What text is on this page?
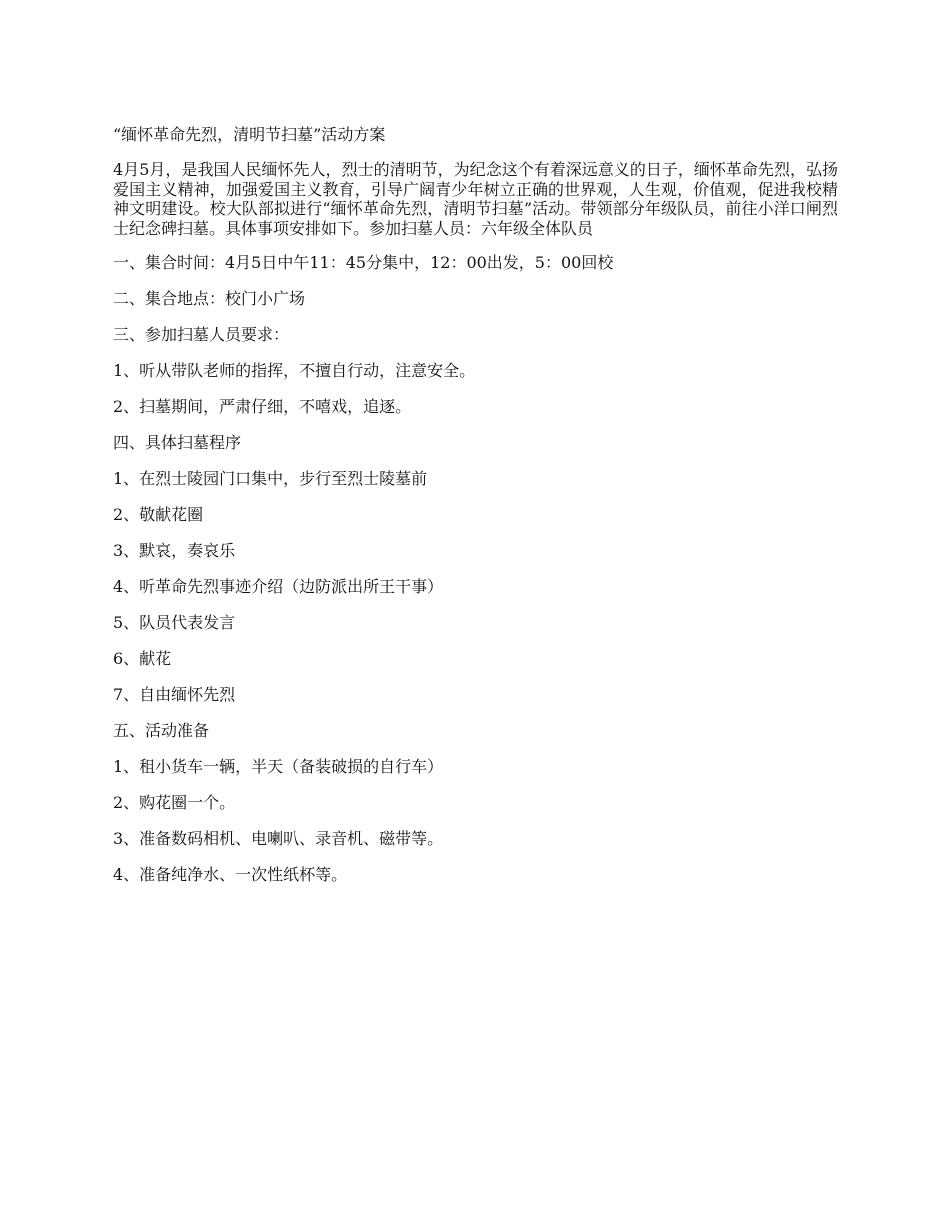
“缅怀革命先烈，清明节扫墓”活动方案

4月5月，是我国人民缅怀先人，烈士的清明节，为纪念这个有着深远意义的日子，缅怀革命先烈，弘扬爱国主义精神，加强爱国主义教育，引导广阔青少年树立正确的世界观，人生观，价值观，促进我校精神文明建设。校大队部拟进行“缅怀革命先烈，清明节扫墓”活动。带领部分年级队员，前往小洋口闸烈士纪念碑扫墓。具体事项安排如下。参加扫墓人员：六年级全体队员

一、集合时间：4月5日中午11：45分集中，12：00出发，5：00回校

二、集合地点：校门小广场

三、参加扫墓人员要求：

1、听从带队老师的指挥，不擅自行动，注意安全。

2、扫墓期间，严肃仔细，不嘻戏，追逐。

四、具体扫墓程序

1、在烈士陵园门口集中，步行至烈士陵墓前

2、敬献花圈

3、默哀，奏哀乐

4、听革命先烈事迹介绍（边防派出所王干事）

5、队员代表发言

6、献花

7、自由缅怀先烈

五、活动准备

1、租小货车一辆，半天（备装破损的自行车）

2、购花圈一个。

3、准备数码相机、电喇叭、录音机、磁带等。

4、准备纯净水、一次性纸杯等。
